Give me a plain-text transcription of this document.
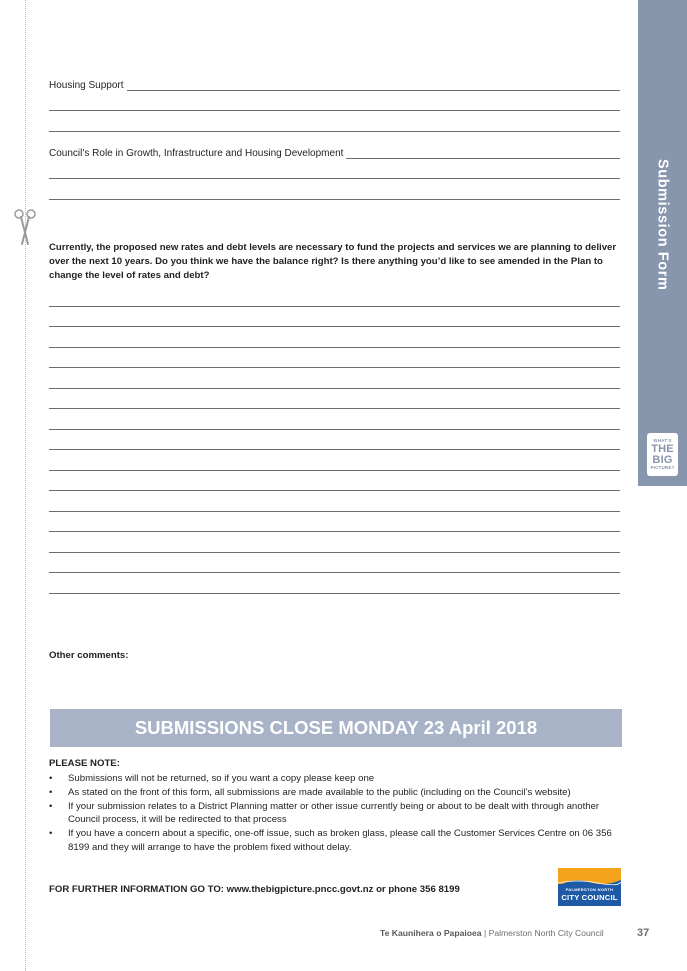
Submission Form
WHAT'S
THE
BIG
PICTURE?
Housing Support
Council’s Role in Growth, Infrastructure and Housing Development

Currently, the proposed new rates and debt levels are necessary to fund the projects and services we are planning to deliver over the next 10 years. Do you think we have the balance right? Is there anything you’d like to see amended in the Plan to change the level of rates and debt?

Other comments:
SUBMISSIONS CLOSE MONDAY 23 April 2018
PLEASE NOTE:
• Submissions will not be returned, so if you want a copy please keep one
• As stated on the front of this form, all submissions are made available to the public (including on the Council’s website)
• If your submission relates to a District Planning matter or other issue currently being or about to be dealt with through another Council process, it will be redirected to that process
• If you have a concern about a specific, one-off issue, such as broken glass, please call the Customer Services Centre on 06 356 8199 and they will arrange to have the problem fixed without delay.
FOR FURTHER INFORMATION GO TO: www.thebigpicture.pncc.govt.nz or phone 356 8199	PALMERSTON NORTH
CITY COUNCIL
Te Kaunihera o Papaioea | Palmerston North City Council	37
